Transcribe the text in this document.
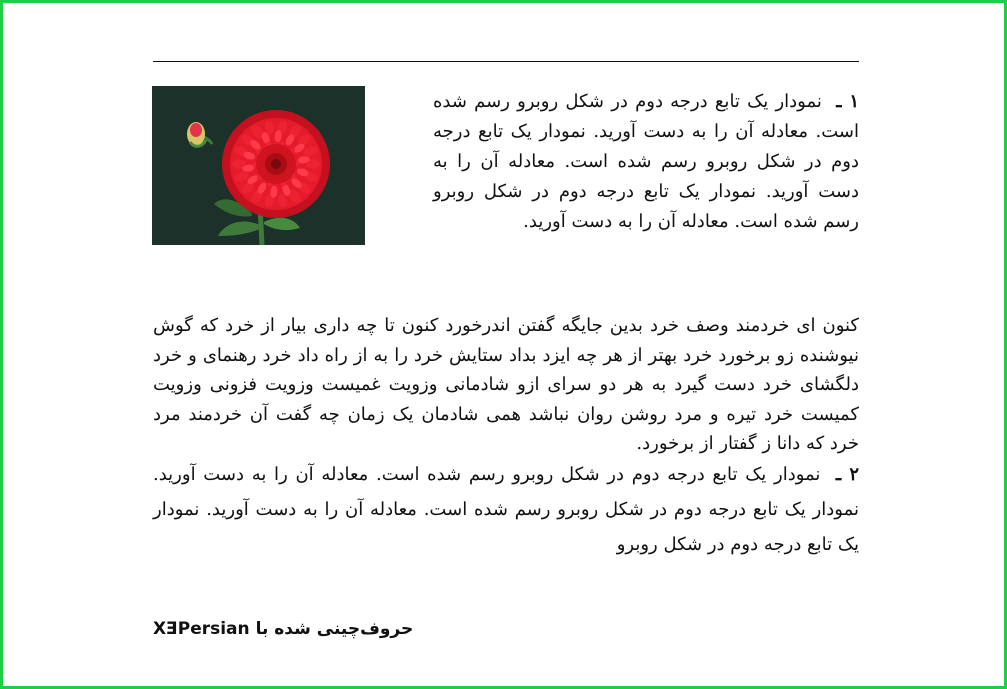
۱ ـ  نمودار یک تابع درجه دوم در شکل روبرو رسم شده است. معادله آن را به دست آورید. نمودار یک تابع درجه دوم در شکل روبرو رسم شده است. معادله آن را به دست آورید. نمودار یک تابع درجه دوم در شکل روبرو رسم شده است. معادله آن را به دست آورید.

کنون ای خردمند وصف خرد بدین جایگه گفتن اندرخورد کنون تا چه داری بیار از خرد که گوش نیوشنده زو برخورد خرد بهتر از هر چه ایزد بداد ستایش خرد را به از راه داد خرد رهنمای و خرد دلگشای خرد دست گیرد به هر دو سرای ازو شادمانی وزویت غمیست وزویت فزونی وزویت کمیست خرد تیره و مرد روشن روان نباشد همی شادمان یک زمان چه گفت آن خردمند مرد خرد که دانا ز گفتار از برخورد.

۲ ـ  نمودار یک تابع درجه دوم در شکل روبرو رسم شده است. معادله آن را به دست آورید. نمودار یک تابع درجه دوم در شکل روبرو رسم شده است. معادله آن را به دست آورید. نمودار یک تابع درجه دوم در شکل روبرو

حروف‌چینی شده با XEPersian
